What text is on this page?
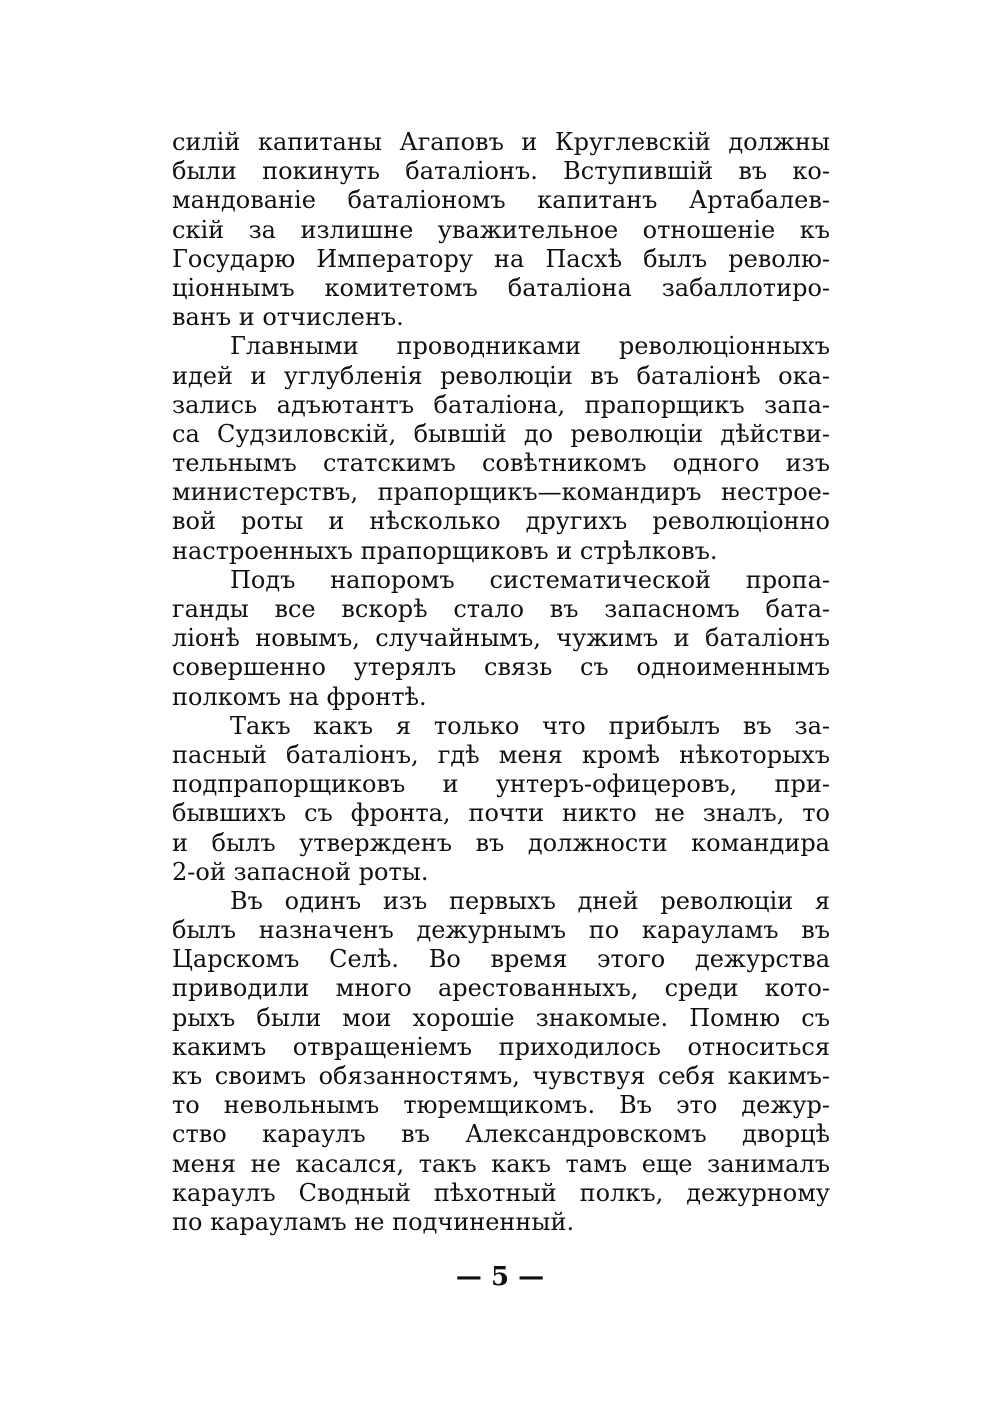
силій капитаны Агаповъ и Круглевскій должны
были покинуть баталіонъ. Вступившій въ ко-
мандованіе баталіономъ капитанъ Артабалев-
скій за излишне уважительное отношеніе къ
Государю Императору на Пасхѣ былъ револю-
ціоннымъ комитетомъ баталіона забаллотиро-
ванъ и отчисленъ.
Главными проводниками революціонныхъ
идей и углубленія революціи въ баталіонѣ ока-
зались адъютантъ баталіона, прапорщикъ запа-
са Судзиловскій, бывшій до революціи дѣйстви-
тельнымъ статскимъ совѣтникомъ одного изъ
министерствъ, прапорщикъ—командиръ нестрое-
вой роты и нѣсколько другихъ революціонно
настроенныхъ прапорщиковъ и стрѣлковъ.
Подъ напоромъ систематической пропа-
ганды все вскорѣ стало въ запасномъ бата-
ліонѣ новымъ, случайнымъ, чужимъ и баталіонъ
совершенно утерялъ связь съ одноименнымъ
полкомъ на фронтѣ.
Такъ какъ я только что прибылъ въ за-
пасный баталіонъ, гдѣ меня кромѣ нѣкоторыхъ
подпрапорщиковъ и унтеръ-офицеровъ, при-
бывшихъ съ фронта, почти никто не зналъ, то
и былъ утвержденъ въ должности командира
2-ой запасной роты.
Въ одинъ изъ первыхъ дней революціи я
былъ назначенъ дежурнымъ по карауламъ въ
Царскомъ Селѣ. Во время этого дежурства
приводили много арестованныхъ, среди кото-
рыхъ были мои хорошіе знакомые. Помню съ
какимъ отвращеніемъ приходилось относиться
къ своимъ обязанностямъ, чувствуя себя какимъ-
то невольнымъ тюремщикомъ. Въ это дежур-
ство караулъ въ Александровскомъ дворцѣ
меня не касался, такъ какъ тамъ еще занималъ
караулъ Сводный пѣхотный полкъ, дежурному
по карауламъ не подчиненный.
— 5 —
